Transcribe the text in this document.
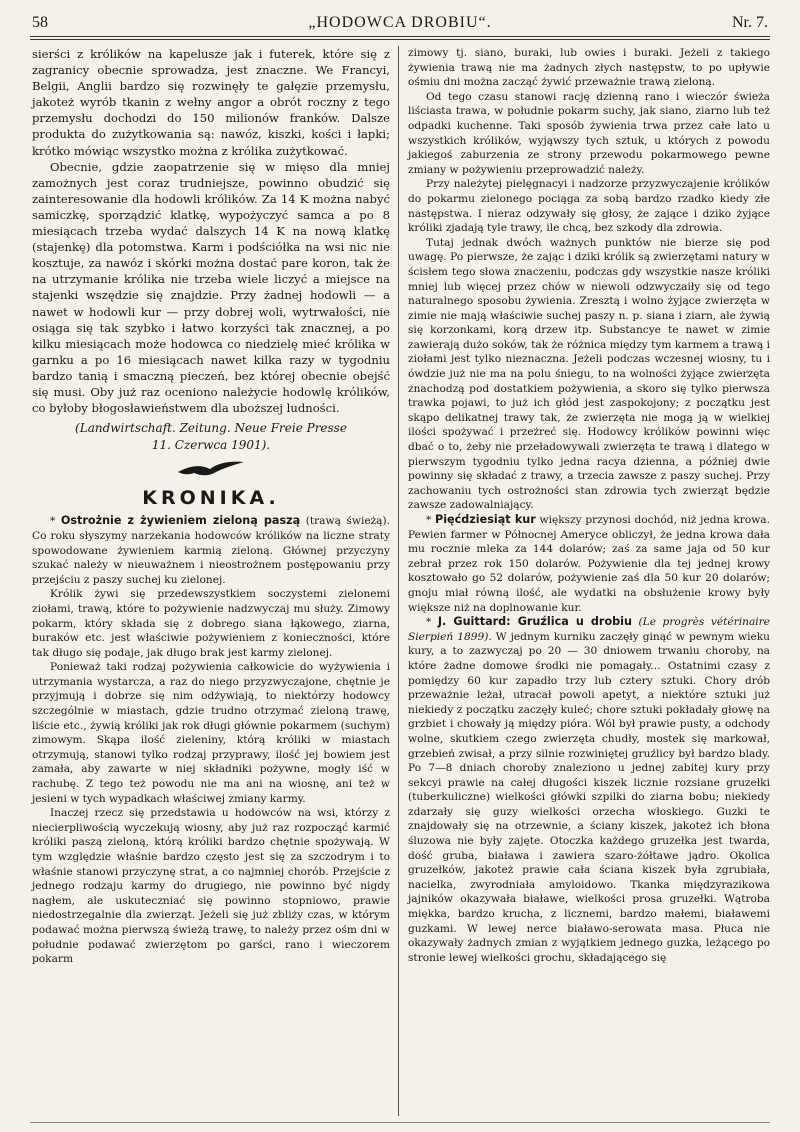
58	„HODOWCA DROBIU“.	Nr. 7.

sierści z królików na kapelusze jak i futerek, które się z zagranicy obecnie sprowadza, jest znaczne. We Francyi, Belgii, Anglii bardzo się rozwinęły te gałęzie przemysłu, jakoteż wyrób tkanin z wełny angor a obrót roczny z tego przemysłu dochodzi do 150 milionów franków. Dalsze produkta do zużytkowania są: nawóz, kiszki, kości i łapki; krótko mówiąc wszystko można z królika zużytkować.

Obecnie, gdzie zaopatrzenie się w mięso dla mniej zamożnych jest coraz trudniejsze, powinno obudzić się zainteresowanie dla hodowli królików. Za 14 K można nabyć samiczkę, sporządzić klatkę, wypożyczyć samca a po 8 miesiącach trzeba wydać dalszych 14 K na nową klatkę (stajenkę) dla potomstwa. Karm i podściółka na wsi nic nie kosztuje, za nawóz i skórki można dostać pare koron, tak że na utrzymanie królika nie trzeba wiele liczyć a miejsce na stajenki wszędzie się znajdzie. Przy żadnej hodowli — a nawet w hodowli kur — przy dobrej woli, wytrwałości, nie osiąga się tak szybko i łatwo korzyści tak znacznej, a po kilku miesiącach może hodowca co niedzielę mieć królika w garnku a po 16 miesiącach nawet kilka razy w tygodniu bardzo tanią i smaczną pieczeń, bez której obecnie obejść się musi. Oby już raz oceniono należycie hodowlę królików, co byłoby błogosławieństwem dla uboższej ludności.

(Landwirtschaft. Zeitung. Neue Freie Presse
11. Czerwca 1901).
KRONIKA.

* Ostrożnie z żywieniem zieloną paszą (trawą świeżą). Co roku słyszymy narzekania hodowców królików na liczne straty spowodowane żywieniem karmią zieloną. Głównej przyczyny szukać należy w nieuważnem i nieostrożnem postępowaniu przy przejściu z paszy suchej ku zielonej.

Królik żywi się przedewszystkiem soczystemi zielonemi ziołami, trawą, które to pożywienie nadzwyczaj mu służy. Zimowy pokarm, który składa się z dobrego siana łąkowego, ziarna, buraków etc. jest właściwie pożywieniem z konieczności, które tak długo się podaje, jak długo brak jest karmy zielonej.

Ponieważ taki rodzaj pożywienia całkowicie do wyżywienia i utrzymania wystarcza, a raz do niego przyzwyczajone, chętnie je przyjmują i dobrze się nim odżywiają, to niektórzy hodowcy szczególnie w miastach, gdzie trudno otrzymać zieloną trawę, liście etc., żywią króliki jak rok długi głównie pokarmem (suchym) zimowym. Skąpa ilość zieleniny, którą króliki w miastach otrzymują, stanowi tylko rodzaj przyprawy, ilość jej bowiem jest zamała, aby zawarte w niej składniki pożywne, mogły iść w rachubę. Z tego też powodu nie ma ani na wiosnę, ani też w jesieni w tych wypadkach właściwej zmiany karmy.

Inaczej rzecz się przedstawia u hodowców na wsi, którzy z niecierpliwością wyczekują wiosny, aby już raz rozpocząć karmić króliki paszą zieloną, którą króliki bardzo chętnie spożywają. W tym względzie właśnie bardzo często jest się za szczodrym i to właśnie stanowi przyczynę strat, a co najmniej chorób. Przejście z jednego rodzaju karmy do drugiego, nie powinno być nigdy nagłem, ale uskuteczniać się powinno stopniowo, prawie niedostrzegalnie dla zwierząt. Jeżeli się już zbliży czas, w którym podawać można pierwszą świeżą trawę, to należy przez ośm dni w południe podawać zwierzętom po garści, rano i wieczorem pokarm

zimowy tj. siano, buraki, lub owies i buraki. Jeżeli z takiego żywienia trawą nie ma żadnych złych następstw, to po upływie ośmiu dni można zacząć żywić przeważnie trawą zieloną.

Od tego czasu stanowi rację dzienną rano i wieczór świeża liściasta trawa, w południe pokarm suchy, jak siano, ziarno lub też odpadki kuchenne. Taki sposób żywienia trwa przez całe lato u wszystkich królików, wyjąwszy tych sztuk, u których z powodu jakiegoś zaburzenia ze strony przewodu pokarmowego pewne zmiany w pożywieniu przeprowadzić należy.

Przy należytej pielęgnacyi i nadzorze przyzwyczajenie królików do pokarmu zielonego pociąga za sobą bardzo rzadko kiedy złe następstwa. I nieraz odzywały się głosy, że zające i dziko żyjące króliki zjadają tyle trawy, ile chcą, bez szkody dla zdrowia.

Tutaj jednak dwóch ważnych punktów nie bierze się pod uwagę. Po pierwsze, że zając i dziki królik są zwierzętami natury w ścisłem tego słowa znaczeniu, podczas gdy wszystkie nasze króliki mniej lub więcej przez chów w niewoli odzwyczaiły się od tego naturalnego sposobu żywienia. Zresztą i wolno żyjące zwierzęta w zimie nie mają właściwie suchej paszy n. p. siana i ziarn, ale żywią się korzonkami, korą drzew itp. Substancye te nawet w zimie zawierają dużo soków, tak że różnica między tym karmem a trawą i ziołami jest tylko nieznaczna. Jeżeli podczas wczesnej wiosny, tu i ówdzie już nie ma na polu śniegu, to na wolności żyjące zwierzęta znachodzą pod dostatkiem pożywienia, a skoro się tylko pierwsza trawka pojawi, to już ich głód jest zaspokojony; z początku jest skąpo delikatnej trawy tak, że zwierzęta nie mogą ją w wielkiej ilości spożywać i przeżreć się. Hodowcy królików powinni więc dbać o to, żeby nie przeładowywali zwierzęta te trawą i dlatego w pierwszym tygodniu tylko jedna racya dzienna, a później dwie powinny się składać z trawy, a trzecia zawsze z paszy suchej. Przy zachowaniu tych ostrożności stan zdrowia tych zwierząt będzie zawsze zadowalniający.

* Pięćdziesiąt kur większy przynosi dochód, niż jedna krowa. Pewien farmer w Północnej Ameryce obliczył, że jedna krowa dała mu rocznie mleka za 144 dolarów; zaś za same jaja od 50 kur zebrał przez rok 150 dolarów. Pożywienie dla tej jednej krowy kosztowało go 52 dolarów, pożywienie zaś dla 50 kur 20 dolarów; gnoju miał równą ilość, ale wydatki na obsłużenie krowy były większe niż na doplnowanie kur.

* J. Guittard: Gruźlica u drobiu (Le progrès vétérinaire Sierpień 1899). W jednym kurniku zaczęły ginąć w pewnym wieku kury, a to zazwyczaj po 20 — 30 dniowem trwaniu choroby, na które żadne domowe środki nie pomagały... Ostatnimi czasy z pomiędzy 60 kur zapadło trzy lub cztery sztuki. Chory drób przeważnie leżał, utracał powoli apetyt, a niektóre sztuki już niekiedy z początku zaczęły kuleć; chore sztuki pokładały głowę na grzbiet i chowały ją między pióra. Wól był prawie pusty, a odchody wolne, skutkiem czego zwierzęta chudły, mostek się markował, grzebień zwisał, a przy silnie rozwiniętej gruźlicy był bardzo blady. Po 7—8 dniach choroby znaleziono u jednej zabitej kury przy sekcyi prawie na całej długości kiszek licznie rozsiane gruzełki (tuberkuliczne) wielkości główki szpilki do ziarna bobu; niekiedy zdarzały się guzy wielkości orzecha włoskiego. Guzki te znajdowały się na otrzewnie, a ściany kiszek, jakoteż ich błona śluzowa nie były zajęte. Otoczka każdego gruzełka jest twarda, dość gruba, biaława i zawiera szaro-żółtawe jądro. Okolica gruzełków, jakoteż prawie cała ściana kiszek była zgrubiała, nacielka, zwyrodniała amyloidowo. Tkanka międzyrazikowa jajników okazywała białawe, wielkości prosa gruzełki. Wątroba miękka, bardzo krucha, z licznemi, bardzo małemi, białawemi guzkami. W lewej nerce białawo-serowata masa. Płuca nie okazywały żadnych zmian z wyjątkiem jednego guzka, leżącego po stronie lewej wielkości grochu, składającego się
